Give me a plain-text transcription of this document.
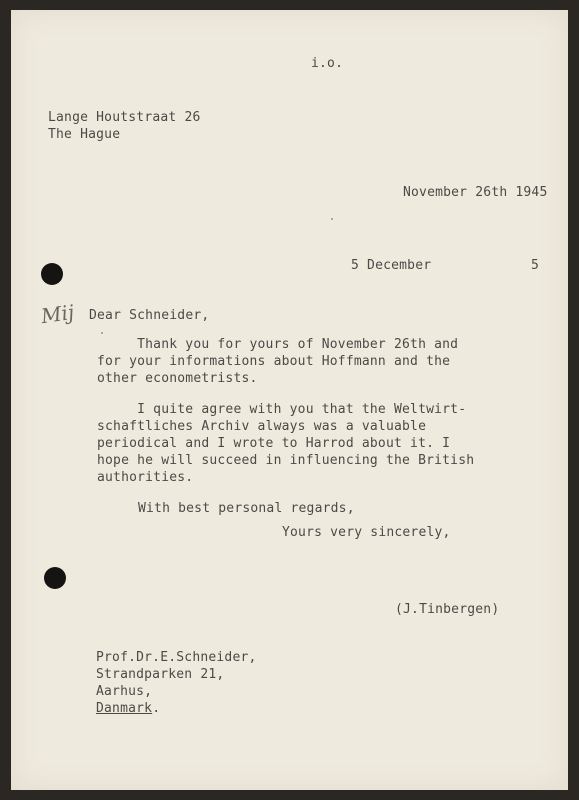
i.o.
Lange Houtstraat 26
The Hague
November 26th 1945
5 December	5
Mij Dear Schneider,
Thank you for yours of November 26th and
for your informations about Hoffmann and the
other econometrists.
I quite agree with you that the Weltwirt-
schaftliches Archiv always was a valuable
periodical and I wrote to Harrod about it. I
hope he will succeed in influencing the British
authorities.
With best personal regards,
Yours very sincerely,
(J.Tinbergen)
Prof.Dr.E.Schneider,
Strandparken 21,
Aarhus,
Danmark.
